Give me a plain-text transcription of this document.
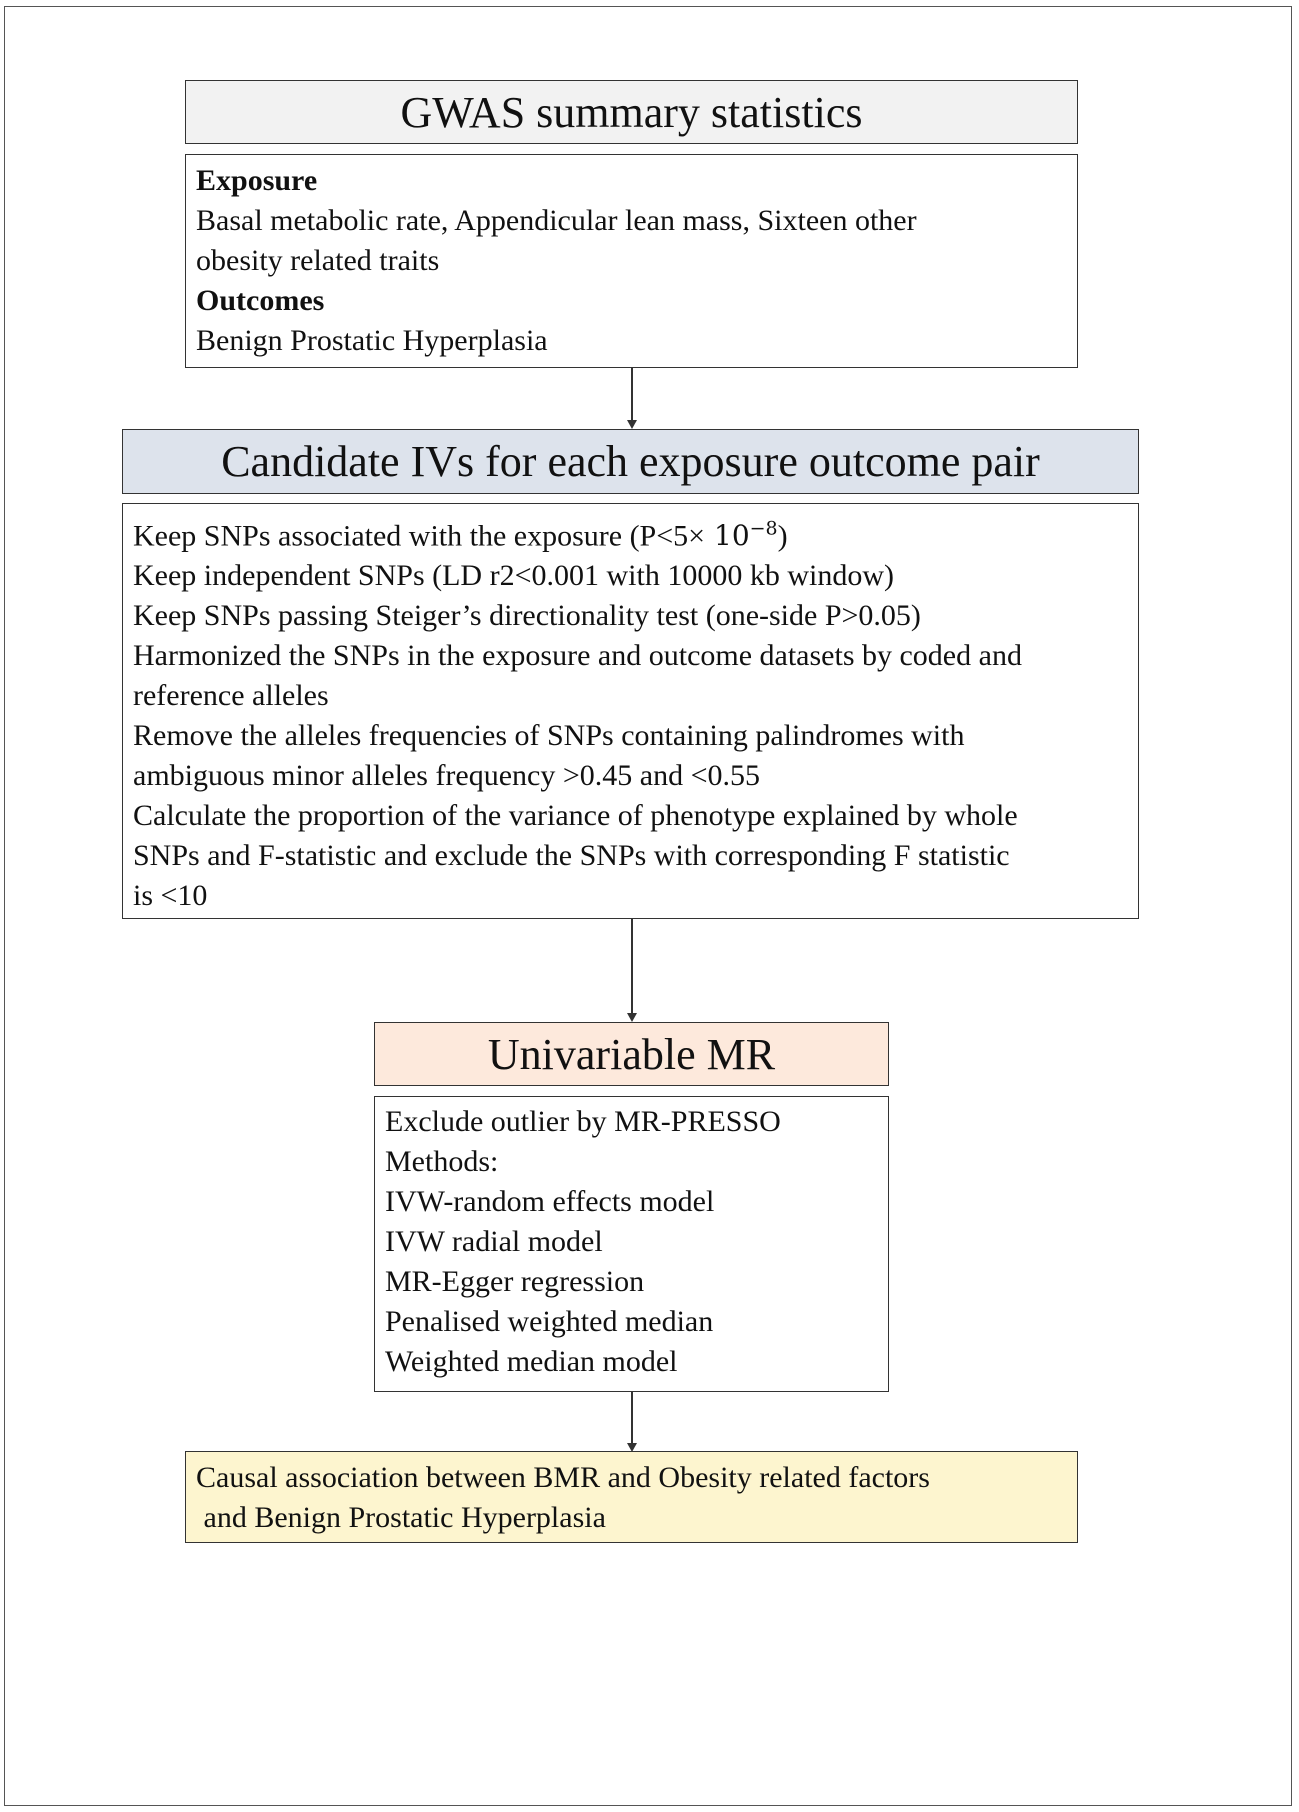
GWAS summary statistics
Exposure
Basal metabolic rate, Appendicular lean mass, Sixteen other
obesity related traits
Outcomes
Benign Prostatic Hyperplasia
Candidate IVs for each exposure outcome pair
Keep SNPs associated with the exposure $(P<5\times 10^{-8})$
Keep independent SNPs (LD r2<0.001 with 10000 kb window)
Keep SNPs passing Steiger’s directionality test (one-side P>0.05)
Harmonized the SNPs in the exposure and outcome datasets by coded and
reference alleles
Remove the alleles frequencies of SNPs containing palindromes with
ambiguous minor alleles frequency >0.45 and <0.55
Calculate the proportion of the variance of phenotype explained by whole
SNPs and F-statistic and exclude the SNPs with corresponding F statistic
is <10
Univariable MR
Exclude outlier by MR-PRESSO
Methods:
IVW-random effects model
IVW radial model
MR-Egger regression
Penalised weighted median
Weighted median model
Causal association between BMR and Obesity related factors
and Benign Prostatic Hyperplasia
